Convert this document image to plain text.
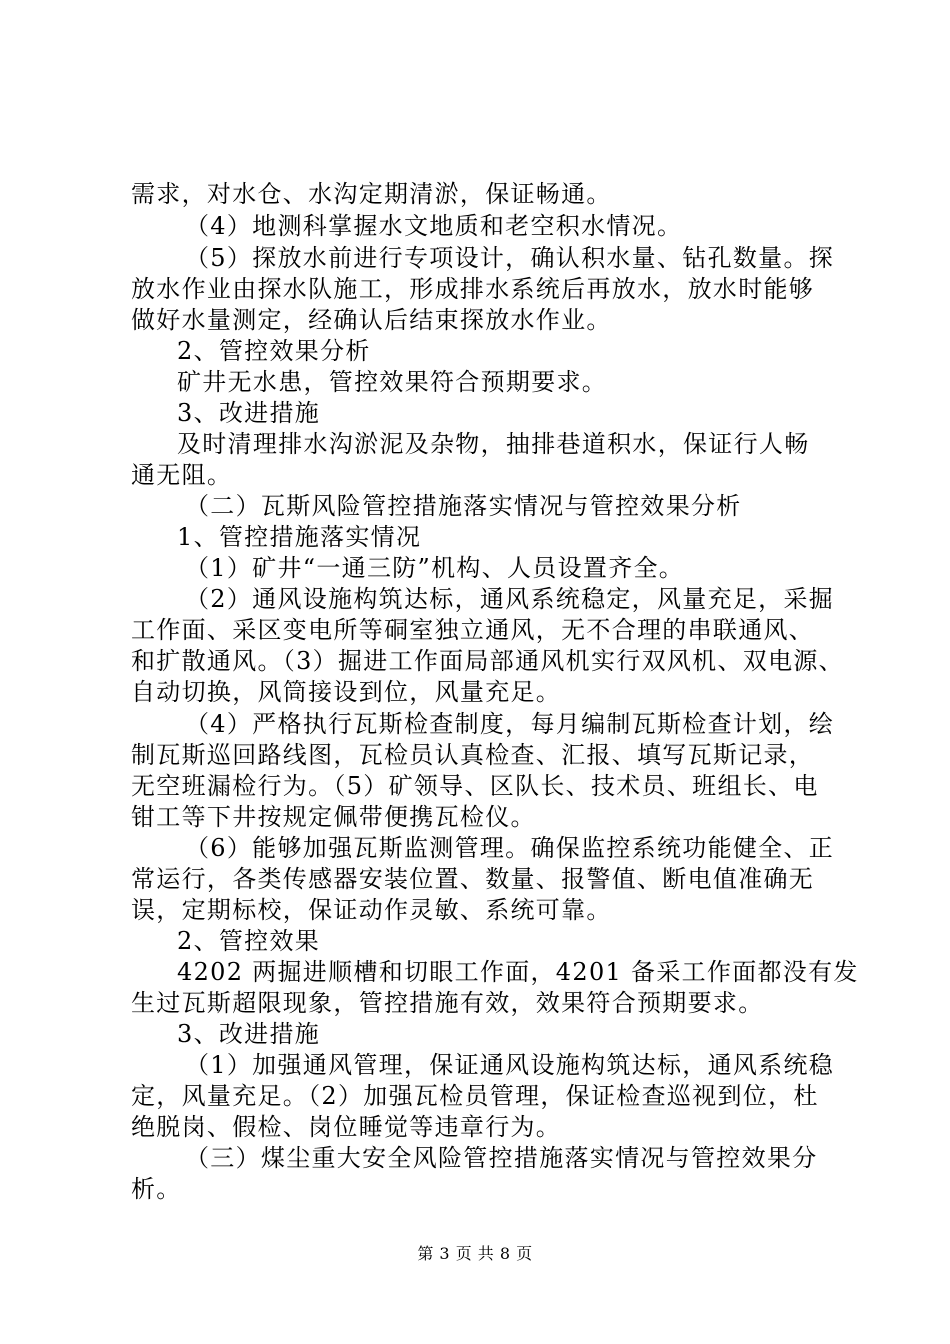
需求，对水仓、水沟定期清淤，保证畅通。
（4）地测科掌握水文地质和老空积水情况。
（5）探放水前进行专项设计，确认积水量、钻孔数量。探
放水作业由探水队施工，形成排水系统后再放水，放水时能够
做好水量测定，经确认后结束探放水作业。
2、管控效果分析
矿井无水患，管控效果符合预期要求。
3、改进措施
及时清理排水沟淤泥及杂物，抽排巷道积水，保证行人畅
通无阻。
（二）瓦斯风险管控措施落实情况与管控效果分析
1、管控措施落实情况
（1）矿井“一通三防”机构、人员设置齐全。
（2）通风设施构筑达标，通风系统稳定，风量充足，采掘
工作面、采区变电所等硐室独立通风，无不合理的串联通风、
和扩散通风。（3）掘进工作面局部通风机实行双风机、双电源、
自动切换，风筒接设到位，风量充足。
（4）严格执行瓦斯检查制度，每月编制瓦斯检查计划，绘
制瓦斯巡回路线图，瓦检员认真检查、汇报、填写瓦斯记录，
无空班漏检行为。（5）矿领导、区队长、技术员、班组长、电
钳工等下井按规定佩带便携瓦检仪。
（6）能够加强瓦斯监测管理。确保监控系统功能健全、正
常运行，各类传感器安装位置、数量、报警值、断电值准确无
误，定期标校，保证动作灵敏、系统可靠。
2、管控效果
4202 两掘进顺槽和切眼工作面，4201 备采工作面都没有发
生过瓦斯超限现象，管控措施有效，效果符合预期要求。
3、改进措施
（1）加强通风管理，保证通风设施构筑达标，通风系统稳
定，风量充足。（2）加强瓦检员管理，保证检查巡视到位，杜
绝脱岗、假检、岗位睡觉等违章行为。
（三）煤尘重大安全风险管控措施落实情况与管控效果分
析。
第 3 页 共 8 页
